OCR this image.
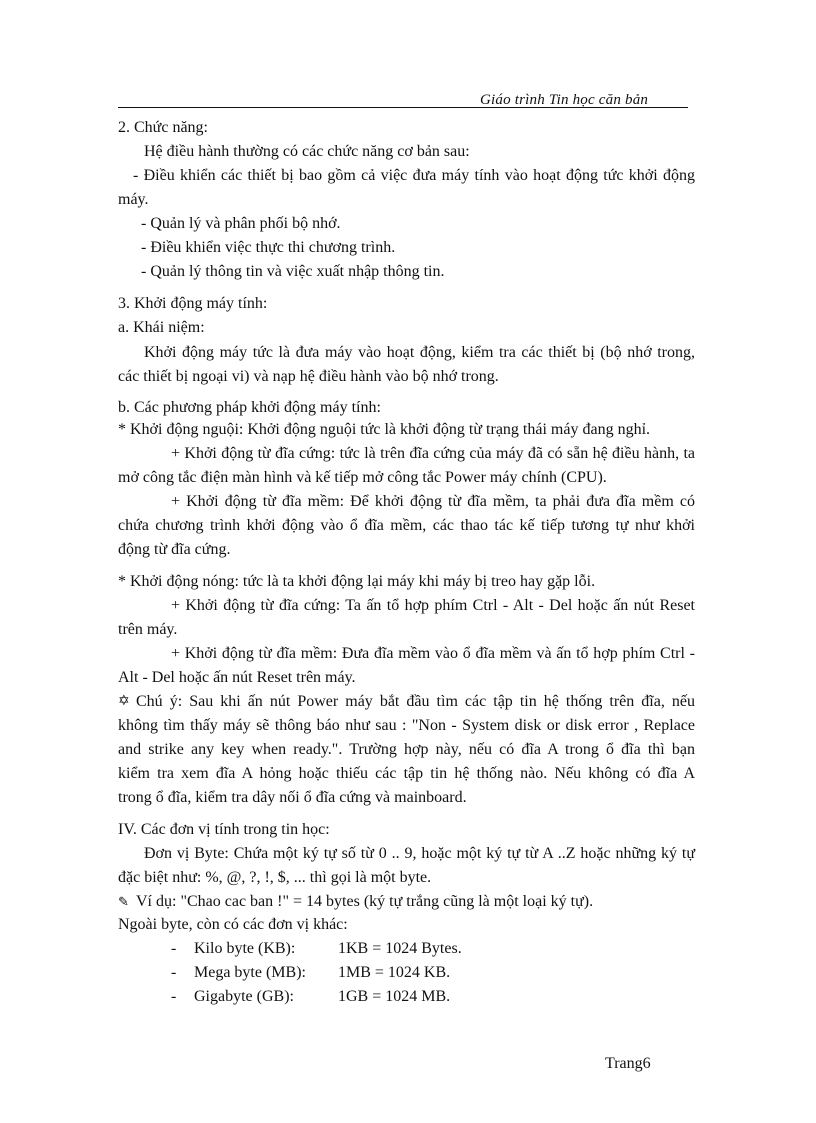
Giáo trình Tin học căn bản
2. Chức năng:
Hệ điều hành thường có các chức năng cơ bản sau:
- Điều khiển các thiết bị bao gồm cả việc đưa máy tính vào hoạt động tức khởi động
máy.
- Quản lý và phân phối bộ nhớ.
- Điều khiển việc thực thi chương trình.
- Quản lý thông tin và việc xuất nhập thông tin.
3. Khởi động máy tính:
a. Khái niệm:
Khởi động máy tức là đưa máy vào hoạt động, kiểm tra các thiết bị (bộ nhớ trong,
các thiết bị ngoại vi) và nạp hệ điều hành vào bộ nhớ trong.
b. Các phương pháp khởi động máy tính:
* Khởi động nguội: Khởi động nguội tức là khởi động từ trạng thái máy đang nghỉ.
+ Khởi động từ đĩa cứng: tức là trên đĩa cứng của máy đã có sẵn hệ điều hành, ta
mở công tắc điện màn hình và kế tiếp mở công tắc Power máy chính (CPU).
+ Khởi động từ đĩa mềm: Để khởi động từ đĩa mềm, ta phải đưa đĩa mềm có
chứa chương trình khởi động vào ổ đĩa mềm, các thao tác kế tiếp tương tự như khởi
động từ đĩa cứng.
* Khởi động nóng: tức là ta khởi động lại máy khi máy bị treo hay gặp lỗi.
+ Khởi động từ đĩa cứng: Ta ấn tổ hợp phím Ctrl - Alt - Del hoặc ấn nút Reset
trên máy.
+ Khởi động từ đĩa mềm: Đưa đĩa mềm vào ổ đĩa mềm và ấn tổ hợp phím Ctrl -
Alt - Del hoặc ấn nút Reset trên máy.
✡ Chú ý: Sau khi ấn nút Power máy bắt đầu tìm các tập tin hệ thống trên đĩa, nếu
không tìm thấy máy sẽ thông báo như sau : "Non - System disk or disk error , Replace
and strike any key when ready.". Trường hợp này, nếu có đĩa A trong ổ đĩa thì bạn
kiểm tra xem đĩa A hỏng hoặc thiếu các tập tin hệ thống nào. Nếu không có đĩa A
trong ổ đĩa, kiểm tra dây nối ổ đĩa cứng và mainboard.
IV. Các đơn vị tính trong tin học:
Đơn vị Byte: Chứa một ký tự số từ 0 .. 9, hoặc một ký tự từ A ..Z hoặc những ký tự
đặc biệt như: %, @, ?, !, $, ... thì gọi là một byte.
✎ Ví dụ: "Chao cac ban !" = 14 bytes (ký tự trắng cũng là một loại ký tự).
Ngoài byte, còn có các đơn vị khác:
- Kilo byte (KB):	1KB = 1024 Bytes.
- Mega byte (MB): 1MB = 1024 KB.
- Gigabyte (GB):	1GB = 1024 MB.
Trang6
